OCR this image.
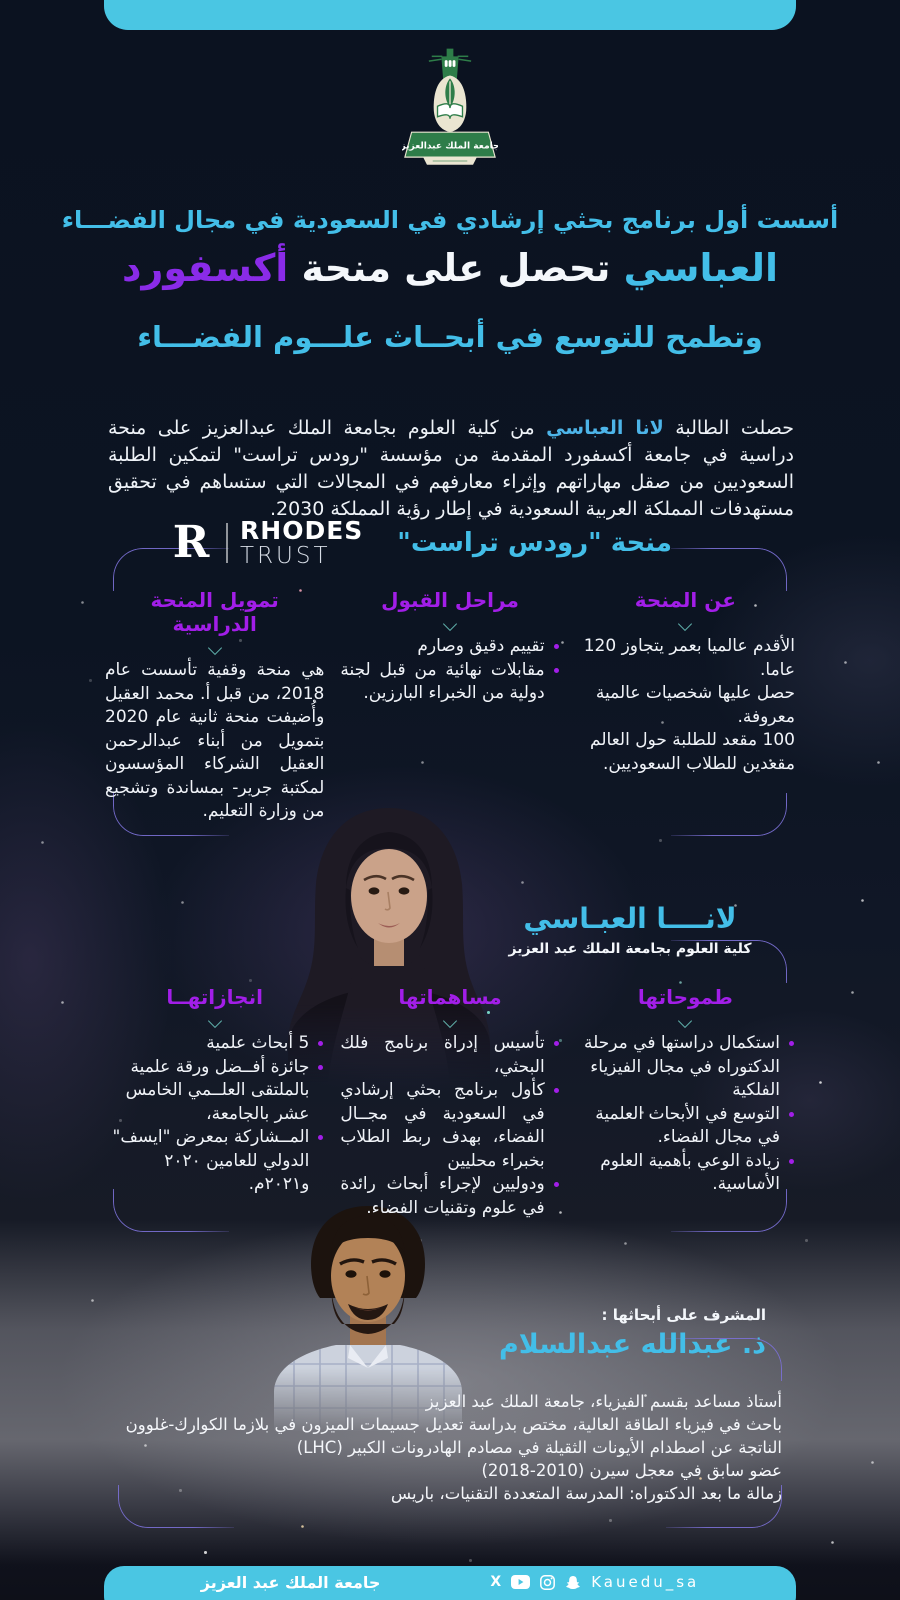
جامعة الملك عبدالعزيز
أسست أول برنامج بحثي إرشادي في السعودية في مجال الفضـــاء
العباسي تحصل على منحة أكسفورد
وتطمح للتوسع في أبحــاث علـــوم الفضـــاء

حصلت الطالبة لانا العباسي من كلية العلوم بجامعة الملك عبدالعزيز على منحة دراسية في جامعة أكسفورد المقدمة من مؤسسة "رودس تراست" لتمكين الطلبة السعوديين من صقل مهاراتهم وإثراء معارفهم في المجالات التي ستساهم في تحقيق مستهدفات المملكة العربية السعودية في إطار رؤية المملكة 2030.

منحة "رودس تراست"
R RHODES
TRUST
عن المنحة
الأقدم عالميا بعمر يتجاوز 120 عاما.
حصل عليها شخصيات عالمية معروفة.
100 مقعد للطلبة حول العالم مقعدين للطلاب السعوديين.
مراحل القبول
تقييم دقيق وصارم
مقابلات نهائية من قبل لجنة دولية من الخبراء البارزين.
تمويل المنحة الدراسية

هي منحة وقفية تأسست عام 2018، من قبل أ. محمد العقيل وأُضيفت منحة ثانية عام 2020 بتمويل من أبناء عبدالرحمن العقيل الشركاء المؤسسون لمكتبة جرير- بمساندة وتشجيع من وزارة التعليم.

لانــــا العبـاسي
كلية العلوم بجامعة الملك عبد العزيز
طموحاتها
استكمال دراستها في مرحلة الدكتوراه في مجال الفيزياء الفلكية
التوسع في الأبحاث العلمية في مجال الفضاء.
زيادة الوعي بأهمية العلوم الأساسية.
مساهماتها
تأسيس إدراة برنامج فلك البحثي،
كأول برنامج بحثي إرشادي في السعودية في مجــال الفضاء، بهدف ربط الطلاب بخبراء محليين
ودوليين لإجراء أبحاث رائدة في علوم وتقنيات الفضاء.
انجازاتهــا
5 أبحاث علمية
جائزة أفــضل ورقة علمية بالملتقى العلــمي الخامس عشر بالجامعة،
المــشاركة بمعرض "ايسف" الدولي للعامين ٢٠٢٠ و٢٠٢١م.
المشرف على أبحاثها :
ذ. عبدالله عبدالسلام
أستاذ مساعد بقسم الفيزياء، جامعة الملك عبد العزيز
باحث في فيزياء الطاقة العالية، مختص بدراسة تعديل جسيمات الميزون في بلازما الكوارك-غلوون
الناتجة عن اصطدام الأيونات الثقيلة في مصادم الهادرونات الكبير (LHC)
عضو سابق في معجل سيرن (2010-2018)
زمالة ما بعد الدكتوراه: المدرسة المتعددة التقنيات، باريس
جامعة الملك عبد العزيز	X	Kauedu_sa
